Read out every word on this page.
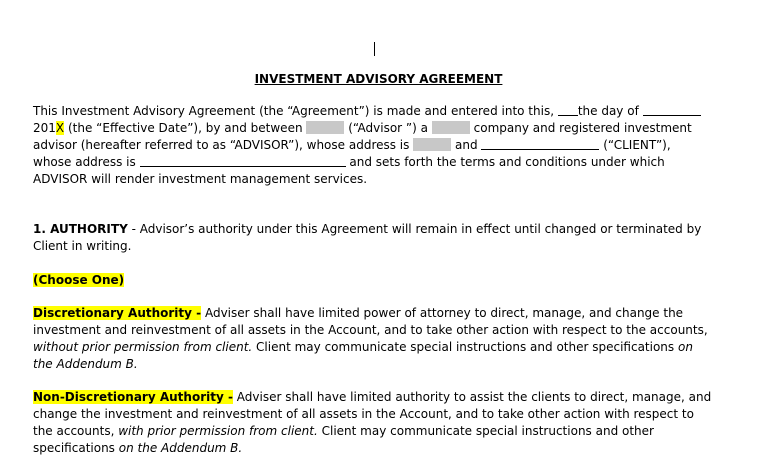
INVESTMENT ADVISORY AGREEMENT
This Investment Advisory Agreement (the “Agreement”) is made and entered into this, the day of
201X (the “Effective Date”), by and between	(“Advisor ”) a	company and registered investment
advisor (hereafter referred to as “ADVISOR”), whose address is	and	(“CLIENT”),
whose address is	and sets forth the terms and conditions under which
ADVISOR will render investment management services.
1. AUTHORITY - Advisor’s authority under this Agreement will remain in effect until changed or terminated by
Client in writing.
(Choose One)
Discretionary Authority - Adviser shall have limited power of attorney to direct, manage, and change the
investment and reinvestment of all assets in the Account, and to take other action with respect to the accounts,
without prior permission from client. Client may communicate special instructions and other specifications on
the Addendum B.
Non-Discretionary Authority - Adviser shall have limited authority to assist the clients to direct, manage, and
change the investment and reinvestment of all assets in the Account, and to take other action with respect to
the accounts, with prior permission from client. Client may communicate special instructions and other
specifications on the Addendum B.
